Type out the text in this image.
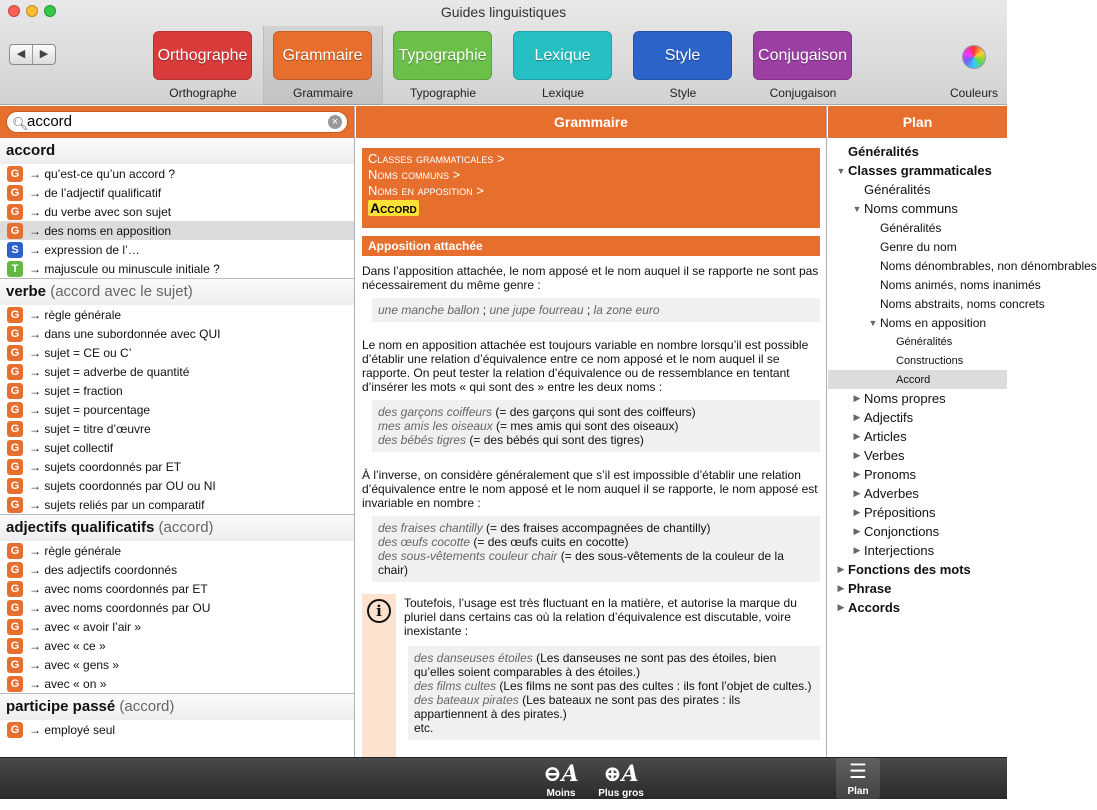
Guides linguistiques
◀	▶	Orthographe
Orthographe
Grammaire
Grammaire
Typographie
Typographie
Lexique
Lexique
Style
Style
Conjugaison
Conjugaison	Couleurs
🔍︎
accord	×
accord
G → qu’est-ce qu’un accord ?
G → de l’adjectif qualificatif
G → du verbe avec son sujet
G → des noms en apposition
S → expression de l’…
T → majuscule ou minuscule initiale ?
verbe (accord avec le sujet)
G → règle générale
G → dans une subordonnée avec QUI
G → sujet = CE ou C’
G → sujet = adverbe de quantité
G → sujet = fraction
G → sujet = pourcentage
G → sujet = titre d’œuvre
G → sujet collectif
G → sujets coordonnés par ET
G → sujets coordonnés par OU ou NI
G → sujets reliés par un comparatif
adjectifs qualificatifs (accord)
G → règle générale
G → des adjectifs coordonnés
G → avec noms coordonnés par ET
G → avec noms coordonnés par OU
G → avec « avoir l’air »
G → avec « ce »
G → avec « gens »
G → avec « on »
participe passé (accord)
G → employé seul
Grammaire
Classes grammaticales >
Noms communs >
Noms en apposition >
Accord
Apposition attachée
Dans l’apposition attachée, le nom apposé et le nom auquel il se rapporte ne sont pas nécessairement du même genre :
une manche ballon ; une jupe fourreau ; la zone euro
Le nom en apposition attachée est toujours variable en nombre lorsqu’il est possible d’établir une relation d’équivalence entre ce nom apposé et le nom auquel il se rapporte. On peut tester la relation d’équivalence ou de ressemblance en tentant d’insérer les mots « qui sont des » entre les deux noms :
des garçons coiffeurs (= des garçons qui sont des coiffeurs)
mes amis les oiseaux (= mes amis qui sont des oiseaux)
des bébés tigres (= des bébés qui sont des tigres)
À l’inverse, on considère généralement que s’il est impossible d’établir une relation d’équivalence entre le nom apposé et le nom auquel il se rapporte, le nom apposé est invariable en nombre :
des fraises chantilly (= des fraises accompagnées de chantilly)
des œufs cocotte (= des œufs cuits en cocotte)
des sous-vêtements couleur chair (= des sous-vêtements de la couleur de la chair)
i	Toutefois, l’usage est très fluctuant en la matière, et autorise la marque du pluriel dans certains cas où la relation d’équivalence est discutable, voire inexistante :
des danseuses étoiles (Les danseuses ne sont pas des étoiles, bien qu’elles soient comparables à des étoiles.)
des films cultes (Les films ne sont pas des cultes : ils font l’objet de cultes.)
des bateaux pirates (Les bateaux ne sont pas des pirates : ils appartiennent à des pirates.)
etc.
Plan
Généralités
▼ Classes grammaticales
Généralités
▼ Noms communs
Généralités
Genre du nom
Noms dénombrables, non dénombrables
Noms animés, noms inanimés
Noms abstraits, noms concrets
▼ Noms en apposition
Généralités
Constructions
Accord
▶ Noms propres
▶ Adjectifs
▶ Articles
▶ Verbes
▶ Pronoms
▶ Adverbes
▶ Prépositions
▶ Conjonctions
▶ Interjections
▶ Fonctions des mots
▶ Phrase
▶ Accords
⊖A
Moins gros
⊕A
Plus gros
☰
Plan
